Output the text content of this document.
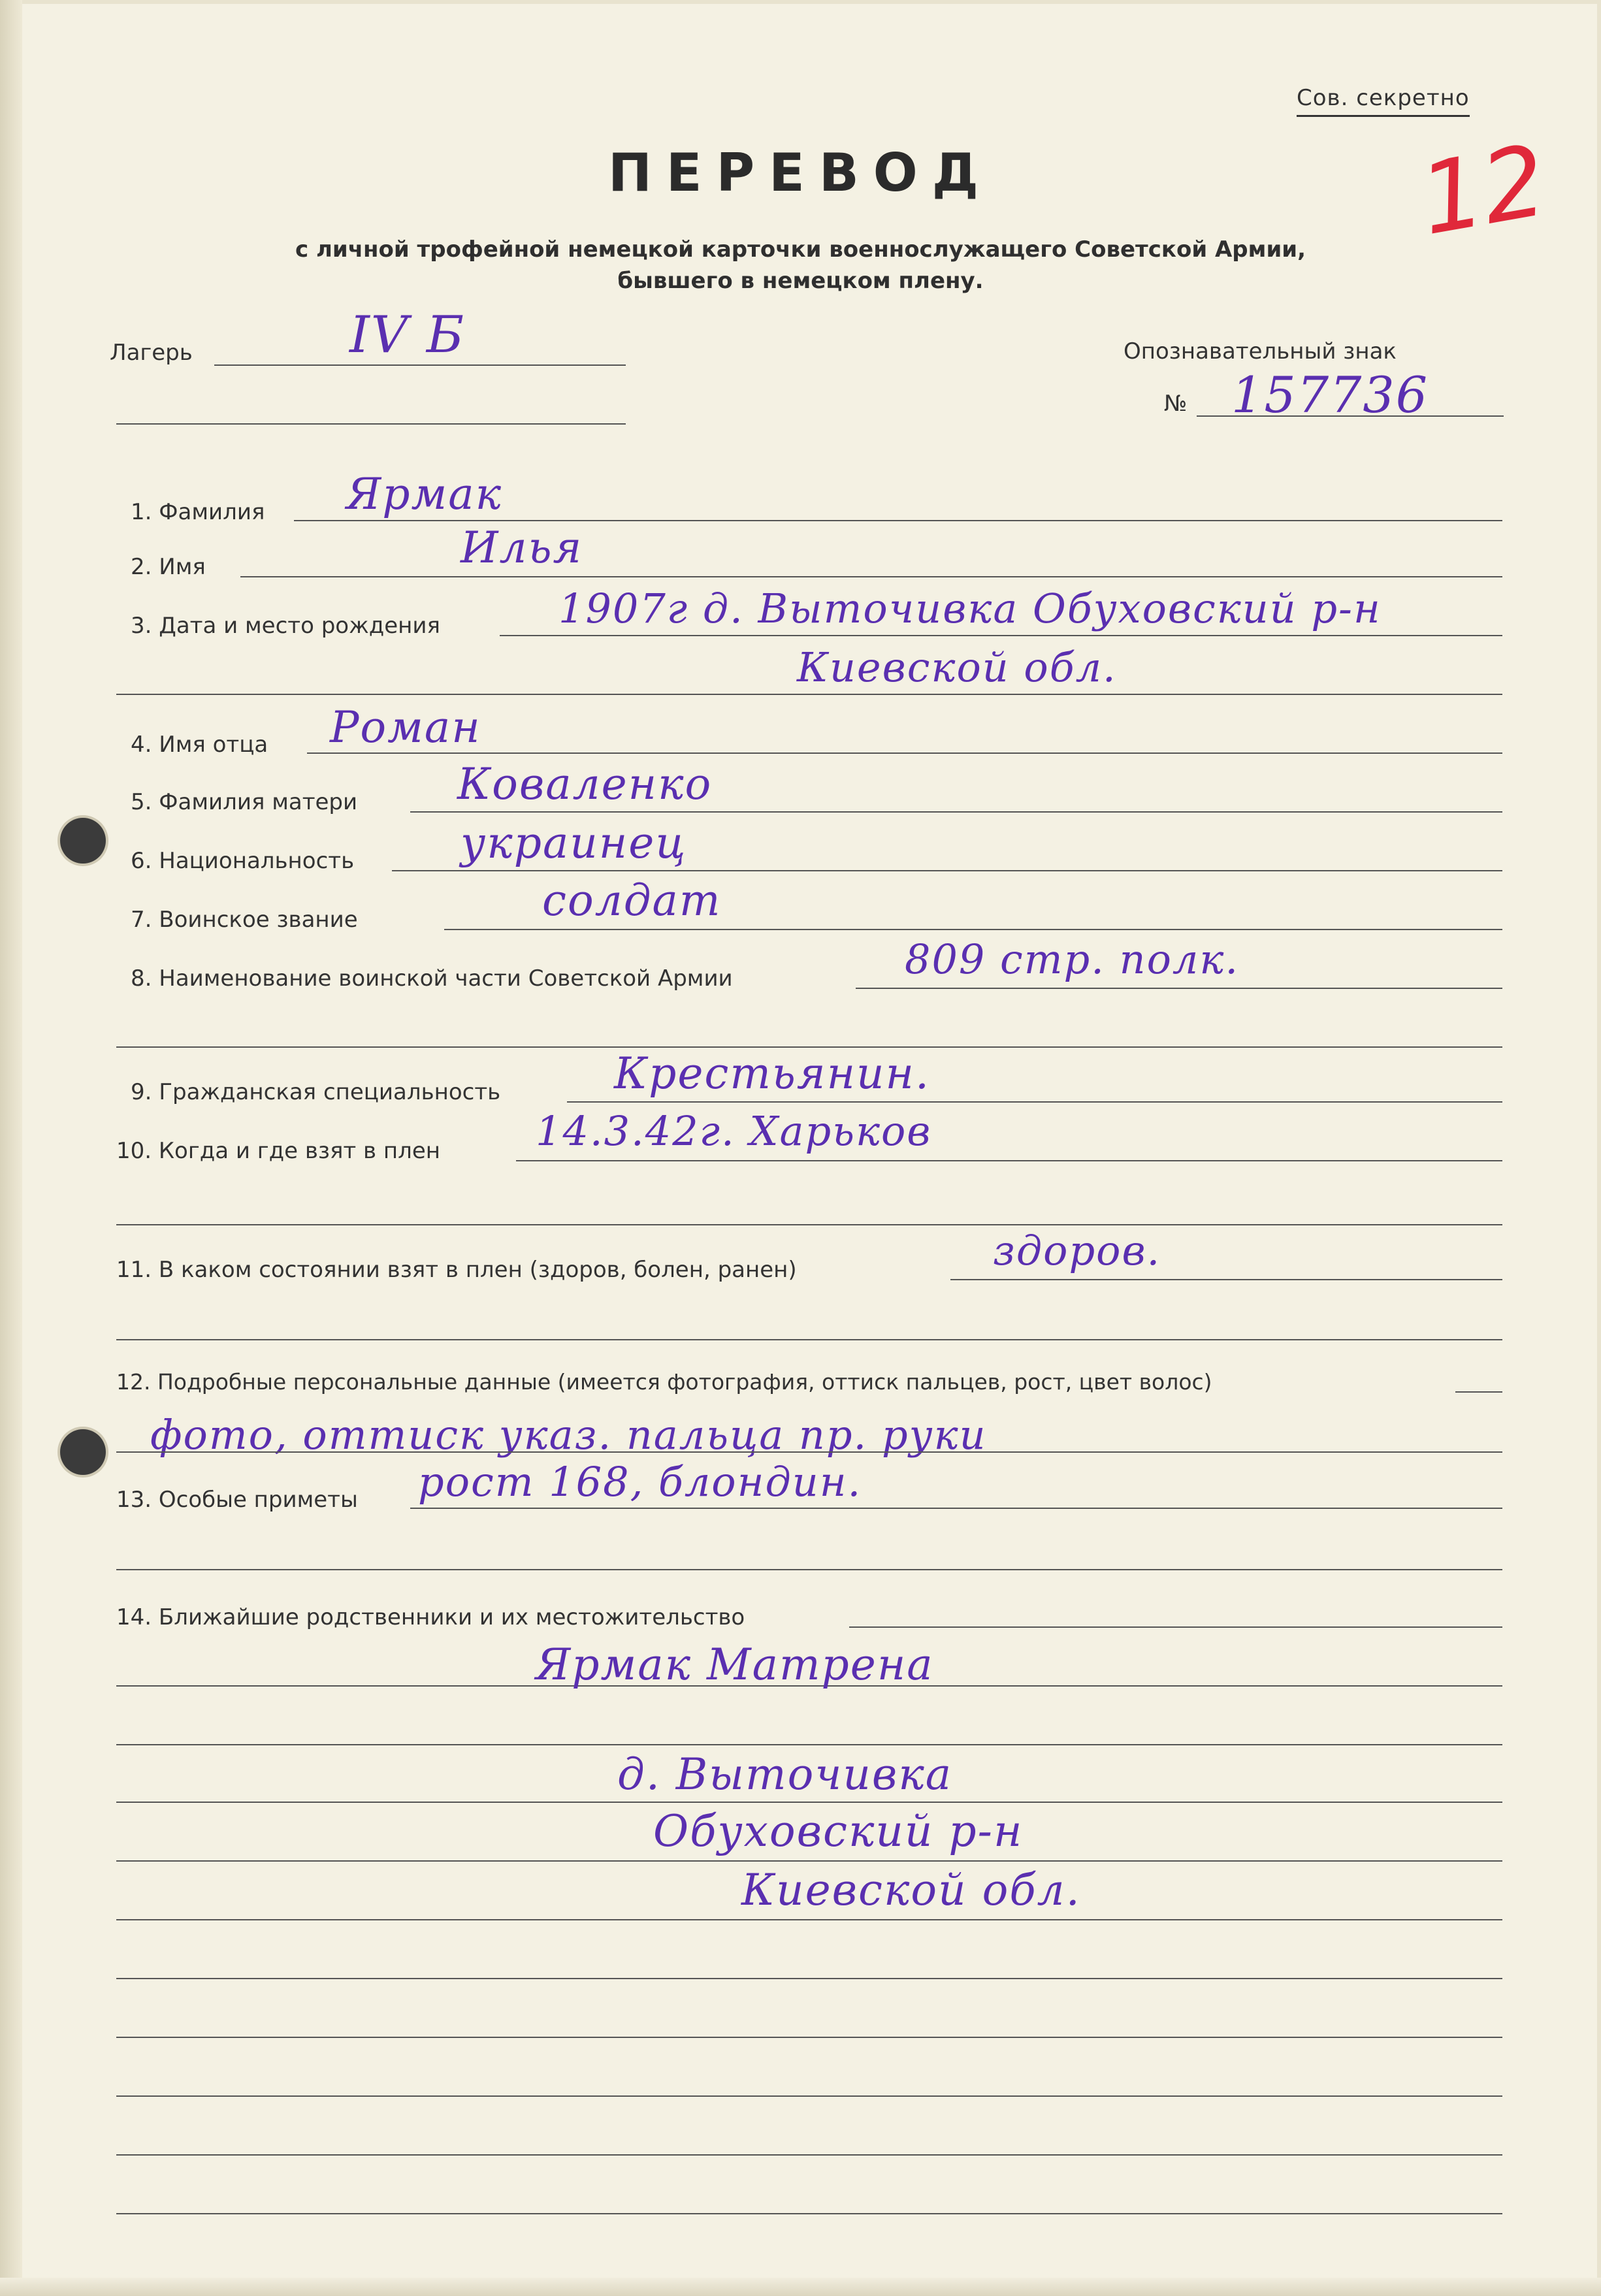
Сов. секретно
ПЕРЕВОД
с личной трофейной немецкой карточки военнослужащего Советской Армии,
бывшего в немецком плену.
12
Лагерь	IV Б	Опознавательный знак
№ 157736
1. Фамилия Ярмак
2. Имя	Илья
3. Дата и место рождения	1907г д. Выточивка Обуховский р-н
Киевской обл.
4. Имя отца Роман
5. Фамилия матери Коваленко
6. Национальность украинец
7. Воинское звание	солдат
8. Наименование воинской части Советской Армии	809 стр. полк.
9. Гражданская специальность	Крестьянин.
10. Когда и где взят в плен 14.3.42г. Харьков
11. В каком состоянии взят в плен (здоров, болен, ранен)	здоров.
12. Подробные персональные данные (имеется фотография, оттиск пальцев, рост, цвет волос)
фото, оттиск указ. пальца пр. руки
13. Особые приметы рост 168, блондин.
14. Ближайшие родственники и их местожительство
Ярмак Матрена
д. Выточивка
Обуховский р-н
Киевской обл.
